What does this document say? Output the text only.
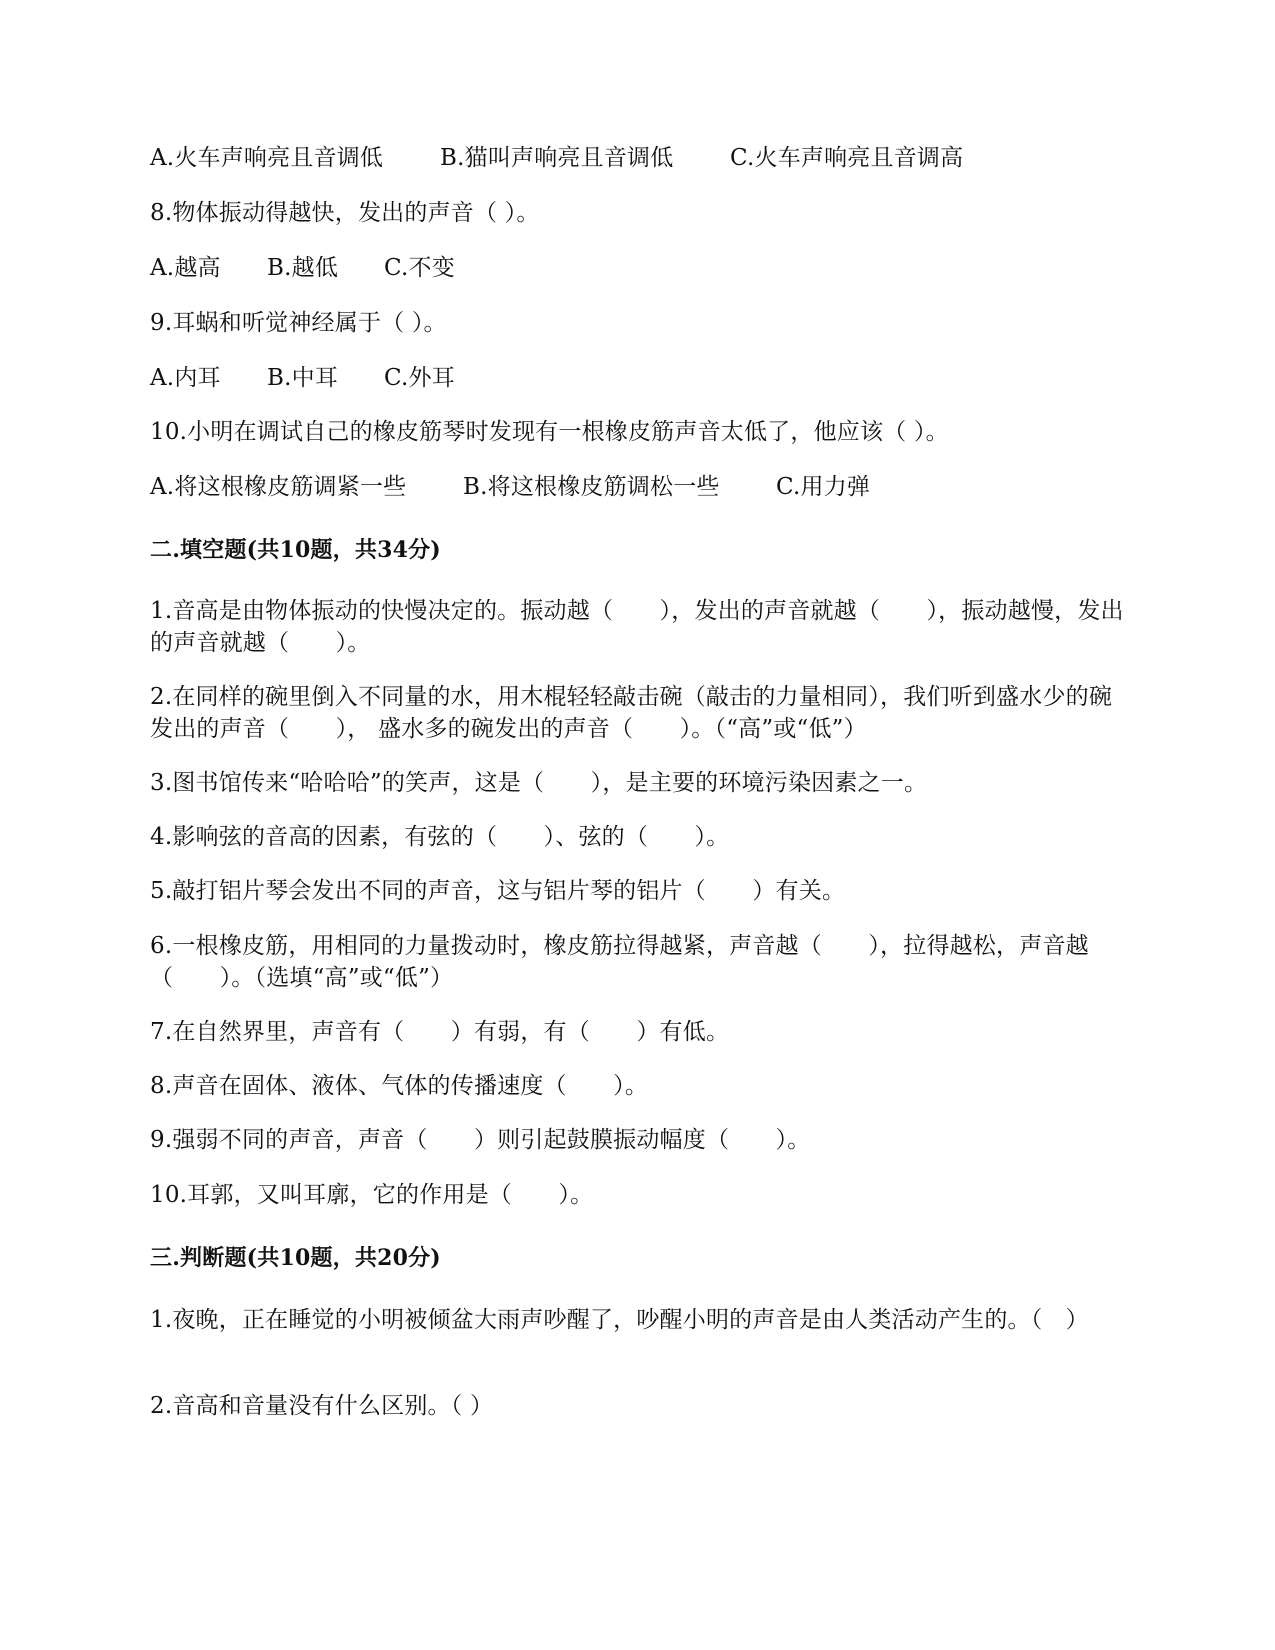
A.火车声响亮且音调低 B.猫叫声响亮且音调低 C.火车声响亮且音调高
8.物体振动得越快，发出的声音（ ）。
A.越高 B.越低 C.不变
9.耳蜗和听觉神经属于（ ）。
A.内耳 B.中耳 C.外耳
10.小明在调试自己的橡皮筋琴时发现有一根橡皮筋声音太低了，他应该（ ）。
A.将这根橡皮筋调紧一些 B.将这根橡皮筋调松一些 C.用力弹
二.填空题(共10题，共34分)
1.音高是由物体振动的快慢决定的。振动越（　　），发出的声音就越（　　），振动越慢，发出的声音就越（　　）。
2.在同样的碗里倒入不同量的水，用木棍轻轻敲击碗（敲击的力量相同），我们听到盛水少的碗发出的声音（　　）， 盛水多的碗发出的声音（　　）。（“高”或“低”）
3.图书馆传来“哈哈哈”的笑声，这是（　　），是主要的环境污染因素之一。
4.影响弦的音高的因素，有弦的（　　）、弦的（　　）。
5.敲打铝片琴会发出不同的声音，这与铝片琴的铝片（　　）有关。
6.一根橡皮筋，用相同的力量拨动时，橡皮筋拉得越紧，声音越（　　），拉得越松，声音越（　　）。（选填“高”或“低”）
7.在自然界里，声音有（　　）有弱，有（　　）有低。
8.声音在固体、液体、气体的传播速度（　　）。
9.强弱不同的声音，声音（　　）则引起鼓膜振动幅度（　　）。
10.耳郭，又叫耳廓，它的作用是（　　）。
三.判断题(共10题，共20分)
1.夜晚，正在睡觉的小明被倾盆大雨声吵醒了，吵醒小明的声音是由人类活动产生的。（　）
2.音高和音量没有什么区别。（ ）
